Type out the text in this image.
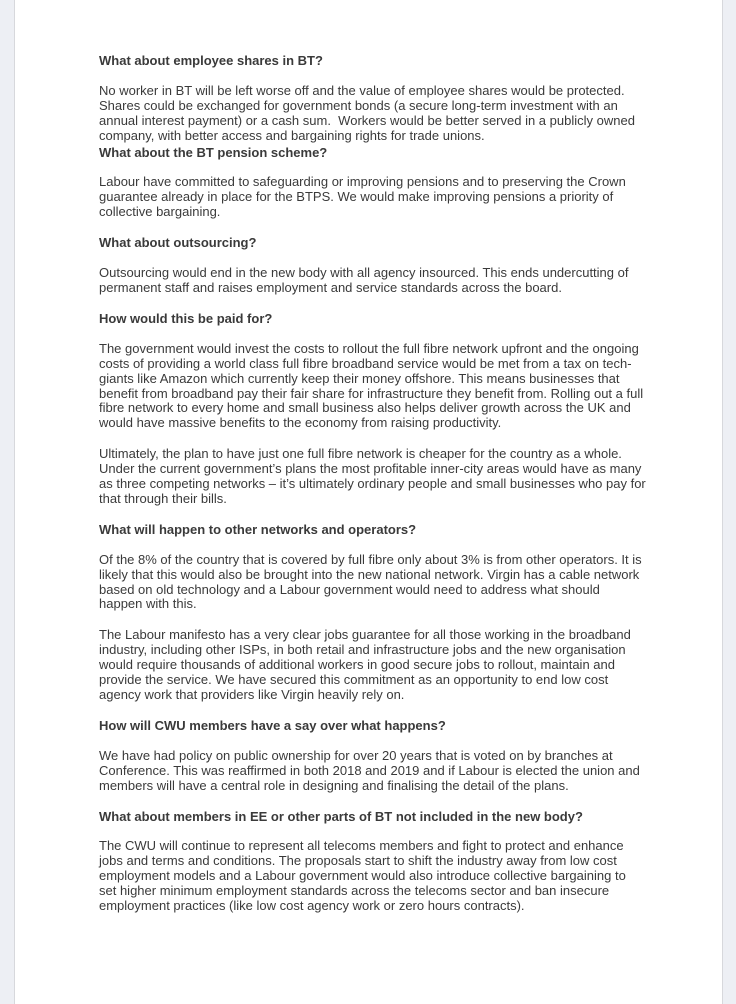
What about employee shares in BT?

No worker in BT will be left worse off and the value of employee shares would be protected. Shares could be exchanged for government bonds (a secure long-term investment with an annual interest payment) or a cash sum.  Workers would be better served in a publicly owned company, with better access and bargaining rights for trade unions.

What about the BT pension scheme?

Labour have committed to safeguarding or improving pensions and to preserving the Crown guarantee already in place for the BTPS. We would make improving pensions a priority of collective bargaining.

What about outsourcing?

Outsourcing would end in the new body with all agency insourced. This ends undercutting of permanent staff and raises employment and service standards across the board.

How would this be paid for?

The government would invest the costs to rollout the full fibre network upfront and the ongoing costs of providing a world class full fibre broadband service would be met from a tax on tech-giants like Amazon which currently keep their money offshore. This means businesses that benefit from broadband pay their fair share for infrastructure they benefit from. Rolling out a full fibre network to every home and small business also helps deliver growth across the UK and would have massive benefits to the economy from raising productivity.

Ultimately, the plan to have just one full fibre network is cheaper for the country as a whole. Under the current government’s plans the most profitable inner-city areas would have as many as three competing networks – it’s ultimately ordinary people and small businesses who pay for that through their bills.

What will happen to other networks and operators?

Of the 8% of the country that is covered by full fibre only about 3% is from other operators. It is likely that this would also be brought into the new national network. Virgin has a cable network based on old technology and a Labour government would need to address what should happen with this.

The Labour manifesto has a very clear jobs guarantee for all those working in the broadband industry, including other ISPs, in both retail and infrastructure jobs and the new organisation would require thousands of additional workers in good secure jobs to rollout, maintain and provide the service. We have secured this commitment as an opportunity to end low cost agency work that providers like Virgin heavily rely on.

How will CWU members have a say over what happens?

We have had policy on public ownership for over 20 years that is voted on by branches at Conference. This was reaffirmed in both 2018 and 2019 and if Labour is elected the union and members will have a central role in designing and finalising the detail of the plans.

What about members in EE or other parts of BT not included in the new body?

The CWU will continue to represent all telecoms members and fight to protect and enhance jobs and terms and conditions. The proposals start to shift the industry away from low cost employment models and a Labour government would also introduce collective bargaining to set higher minimum employment standards across the telecoms sector and ban insecure employment practices (like low cost agency work or zero hours contracts).
